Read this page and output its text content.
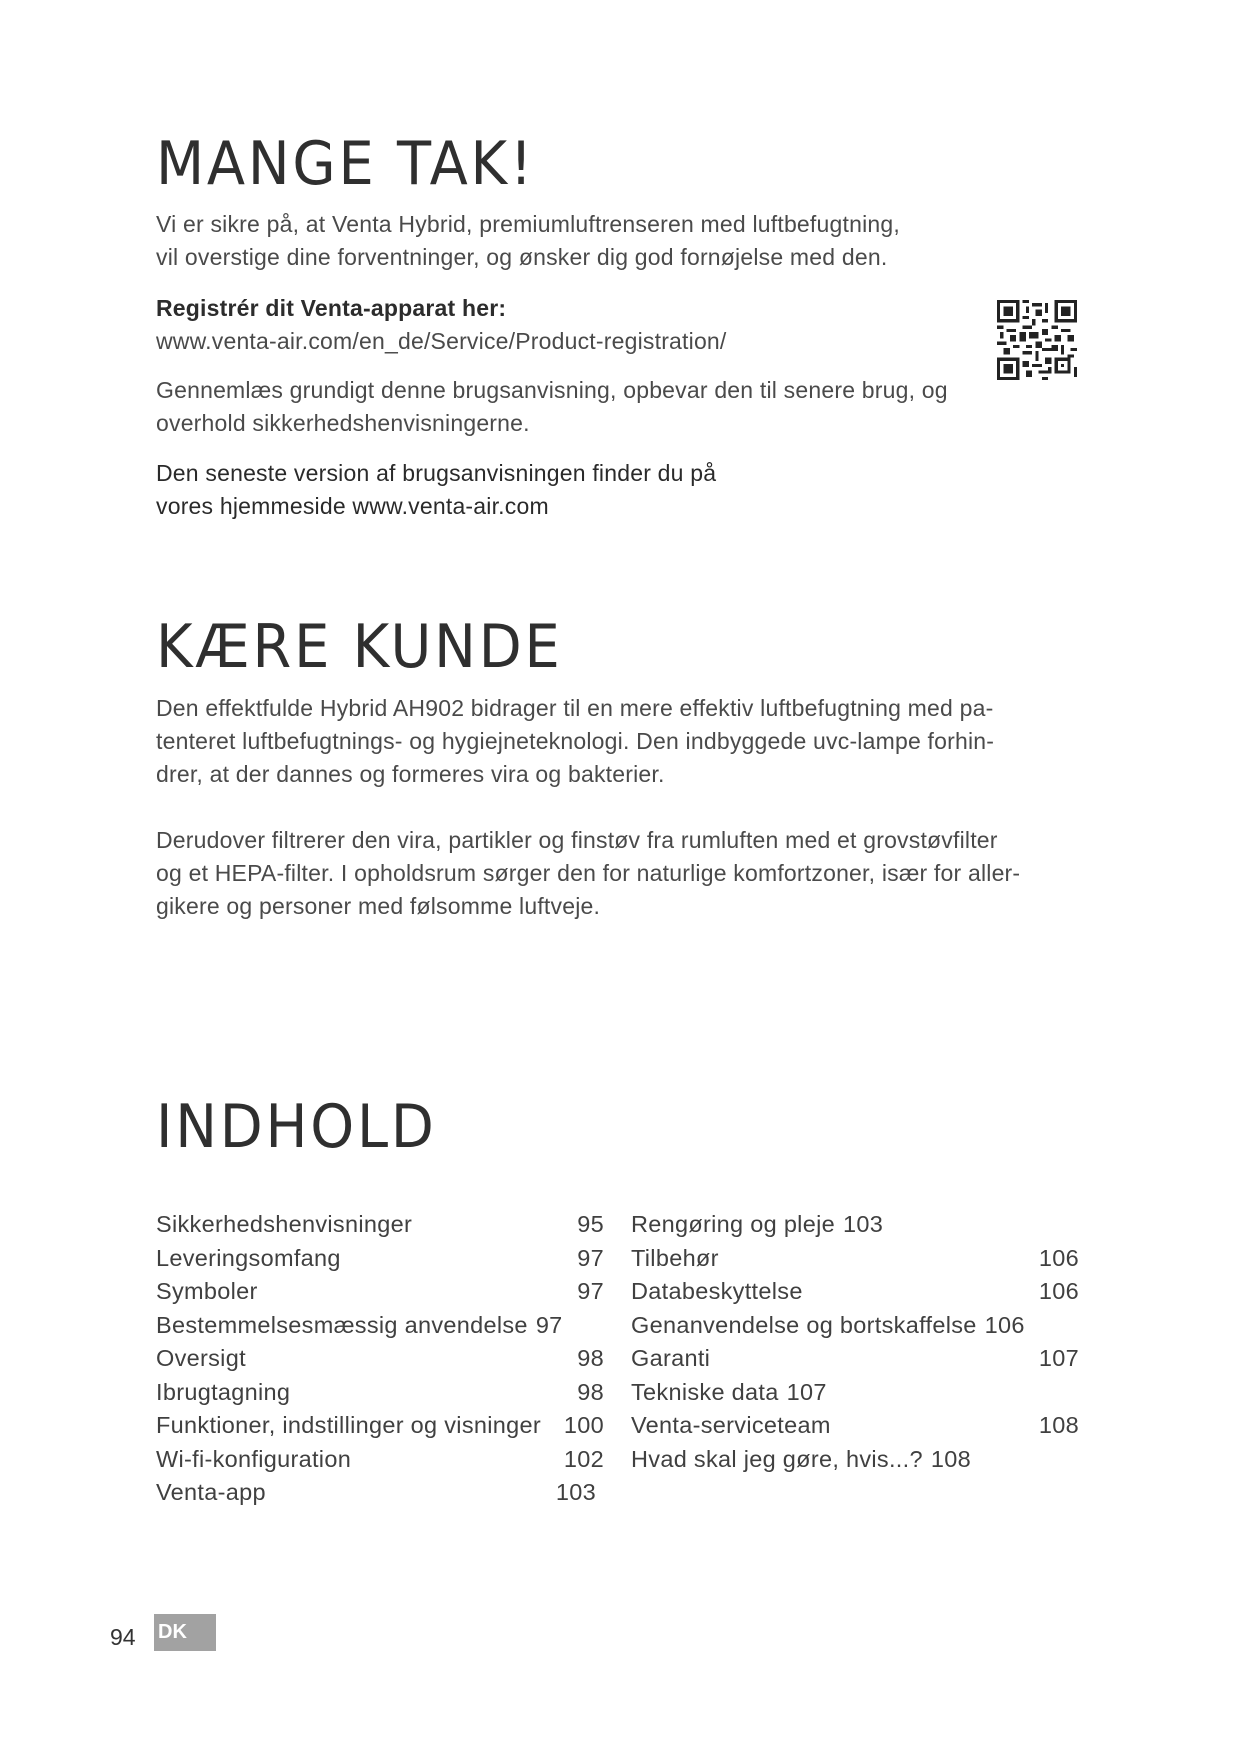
MANGE TAK!

Vi er sikre på, at Venta Hybrid, premiumluftrenseren med luftbefugtning,

vil overstige dine forventninger, og ønsker dig god fornøjelse med den.

Registrér dit Venta-apparat her:

www.venta-air.com/en_de/Service/Product-registration/

Gennemlæs grundigt denne brugsanvisning, opbevar den til senere brug, og

overhold sikkerhedshenvisningerne.

Den seneste version af brugsanvisningen finder du på

vores hjemmeside www.venta-air.com

KÆRE KUNDE

Den effektfulde Hybrid AH902 bidrager til en mere effektiv luftbefugtning med pa-

tenteret luftbefugtnings- og hygiejneteknologi. Den indbyggede uvc-lampe forhin-

drer, at der dannes og formeres vira og bakterier.

Derudover filtrerer den vira, partikler og finstøv fra rumluften med et grovstøvfilter

og et HEPA-filter. I opholdsrum sørger den for naturlige komfortzoner, især for aller-

gikere og personer med følsomme luftveje.

INDHOLD
Sikkerhedshenvisninger	95
Leveringsomfang	97
Symboler	97
Bestemmelsesmæssig anvendelse 97
Oversigt	98
Ibrugtagning	98
Funktioner, indstillinger og visninger 100
Wi-fi-konfiguration	102
Venta-app	103
Rengøring og pleje 103
Tilbehør	106
Databeskyttelse	106
Genanvendelse og bortskaffelse 106
Garanti	107
Tekniske data 107
Venta-serviceteam	108
Hvad skal jeg gøre, hvis...? 108
94 DK
